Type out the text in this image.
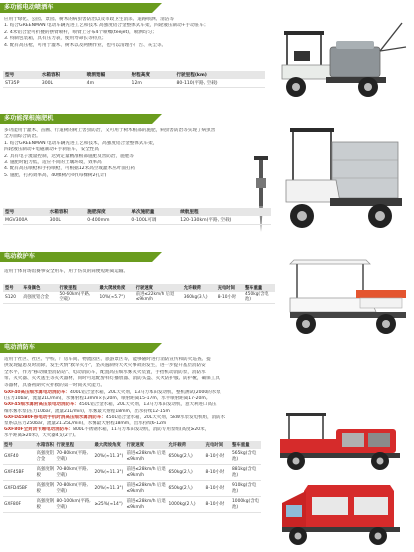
多功能电动喷洒车
应用于绿化、公园、景园、树木的病虫害防治以及市政卫生消杀、道路喷洒、清洁等
1. 结合GREENMAN 电动车辆先进工艺和技术 高强度铝合金整体式车架，四轮液压制动+手动驻车；
2. 4米铝合金可折叠的摆臂喷杆，喷臂上分布4个喷嘴(teejet)，喷洒均匀；
3. 特制包装箱，具有压力表，使用寿命长等特点；
4. 配有高压枪，可用于灌木、树木以及两侧作业，也可以清理小广告、灰尘等。
型号	水箱容积	喷洒宽幅	射程高度	行驶里程(km)
ST35P	300L	4m	12m	80-110(平路, 空载)
多功能深根施肥机
多功能用于灌木、苗圃、行道树的树上害虫防治，又可用于树木根部的施肥，病虫害防治等实现了病虫害
全方面综合防治。
1. 结合GREENMAN 电动车辆先进工艺和技术，高强度铝合金整体式车架，
四轮液压制动+电磁制动+手刹驻车，安全性高
2. 具有电子流量控制，达到定量精准根部施肥及害防治，施肥等
3. 施肥时阻力低，适应不同的土壤环境，效率高
4. 配有高压喷枪和手持喷枪，可根据12米高空或灌木丛叶面打药
5. 施肥，打药效率高，40棵树/小时(每棵树2孔计)
型号	水箱容积	施肥深度	单次施肥量	续航里程
MGV300A	300L	0-400mm	0-100L可调	120-130km(平路, 空载)
电动救护车
适用于体育场馆赛事安全用车，用于伤员的简便短距离运输。
型号	车身颜色	行驶里程	最大爬坡角度	行驶速度	允许载荷	充电时间	整车重量
S120	高强度铝合金	50-60km(平路, 空载)	10%(≈5.7°)	前进≤22km/h 后退≤9km/h	360kg(3人)	8-10小时	450kg(含电池)
电动消防车
适用于社区、社区、学校、厂房车间、物流园区、旅游景区等，能够随时进行消防宣传和防火巡查。提
供发现隐患及时消除，发生火情"救早灭小"，坚决遏制特大火灾事故的发生，进一步提升基层消防安
全水平，作为"移动微型消防站"、电动消防车，配置高压细水雾灭火装置，手抬机动消防泵，消防水
带、灭火器、灭火逃生等灭火器材，同时可选配警样灯播放器、消防头盔、灭火防护服、防护靴，确保工具
等器材，具备初期火灾扑救的第一时间灭火能力。
GXF40高压细水雾电动消防车：400L铝合金水箱，20L天火剂，13马力本田发动机，整机测试(2000的水泵
(压力10bar，流量21L/min)，水雾射程13mm×长20m，喷射距离15-17m，水平喷射距离17-20m。
GXF45细水雾附高压泵电动消防车：450L铝合金水箱，20L天火剂，13马力本田发动机，意大利进口高压
细水雾水泵(压力10bar，流量21L/min)，水雾最大射程18mm，出水持续12-15m
GXFD45B0F移电动手机时消高压细水雾消防车：450L铝合金水箱，20L天火剂，5kW水泵发电机组，消防水
泵系以压力250bar，流量21.25L/min)，水雾最大射程18mm，出水持续6-12m
GXF80F全封闭卡厢电动消防车：800L不锈钢水箱，11马力本田发动机，消防专用泵组(高度≥20米，
水平距离≥20米)，天火器4支(2个)。
型号	水箱容积	行驶里程	最大爬坡角度	行驶速度	允许载荷	充电时间	整车重量
GXF40	高强度铝合金	70-80km(平路, 空载)	20%(≈11.3°)	前进≤28km/h 后退≤9km/h	650kg(2人)	8-10小时	565kg(含电池)
GXF45BF	高强度钢板	70-80km(平路, 空载)	20%(≈11.3°)	前进≤28km/h 后退≤9km/h	650kg(2人)	8-10小时	881kg(含电池)
GXFD45BF	高强度钢板	70-80km(平路, 空载)	20%(≈11.3°)	前进≤28km/h 后退≤9km/h	650kg(2人)	8-10小时	910kg(含电池)
GXF80F	高强度钢板	80-100km(平路, 空载)	≥25%(≈14°)	前进≤28km/h 后退≤9km/h	1000kg(2人)	8-10小时	1000kg(含电池)
